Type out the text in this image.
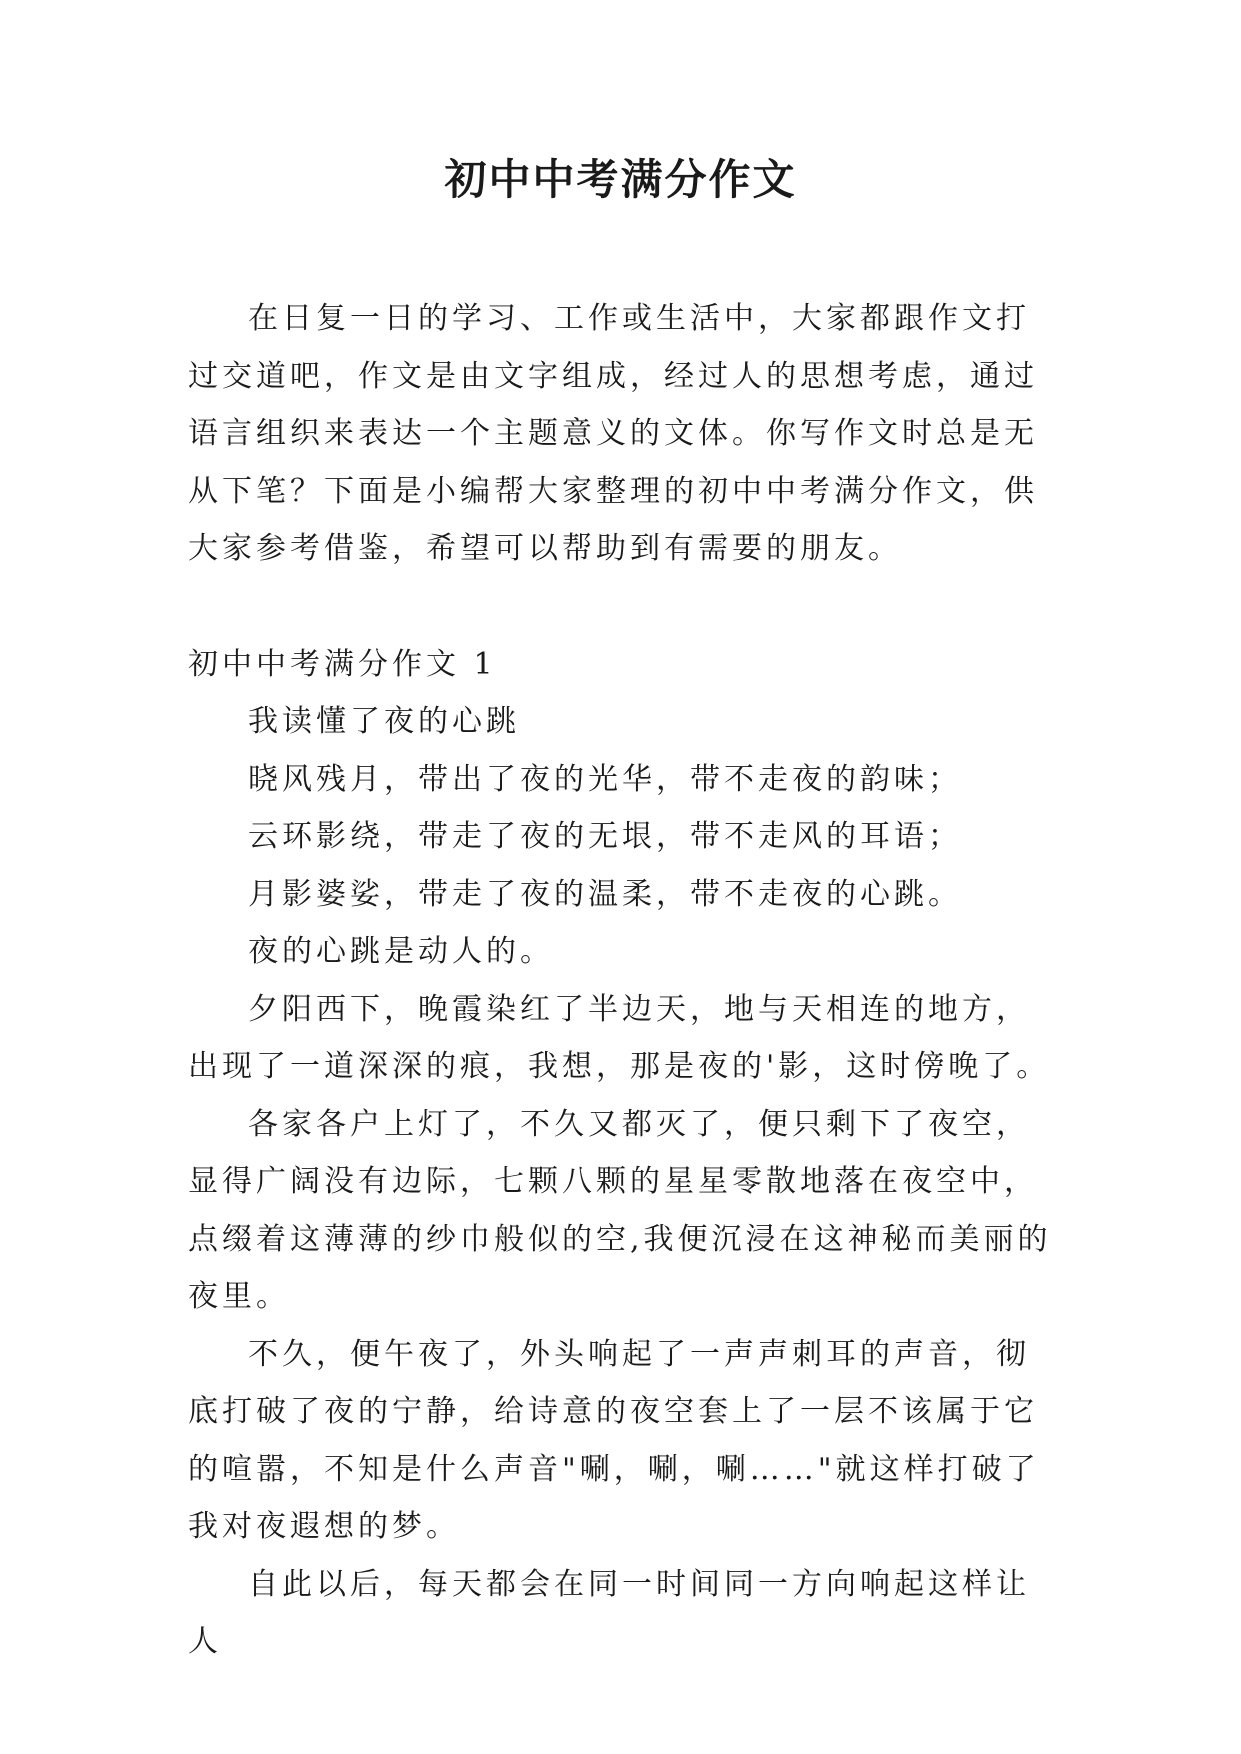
初中中考满分作文

在日复一日的学习、工作或生活中，大家都跟作文打过交道吧，作文是由文字组成，经过人的思想考虑，通过语言组织来表达一个主题意义的文体。你写作文时总是无从下笔？下面是小编帮大家整理的初中中考满分作文，供大家参考借鉴，希望可以帮助到有需要的朋友。

初中中考满分作文 1

我读懂了夜的心跳

晓风残月，带出了夜的光华，带不走夜的韵味；

云环影绕，带走了夜的无垠，带不走风的耳语；

月影婆娑，带走了夜的温柔，带不走夜的心跳。

夜的心跳是动人的。

夕阳西下，晚霞染红了半边天，地与天相连的地方，出现了一道深深的痕，我想，那是夜的'影，这时傍晚了。

各家各户上灯了，不久又都灭了，便只剩下了夜空，显得广阔没有边际，七颗八颗的星星零散地落在夜空中，点缀着这薄薄的纱巾般似的空,我便沉浸在这神秘而美丽的夜里。

不久，便午夜了，外头响起了一声声刺耳的声音，彻底打破了夜的宁静，给诗意的夜空套上了一层不该属于它的喧嚣，不知是什么声音"唰，唰，唰……"就这样打破了我对夜遐想的梦。

自此以后，每天都会在同一时间同一方向响起这样让人
